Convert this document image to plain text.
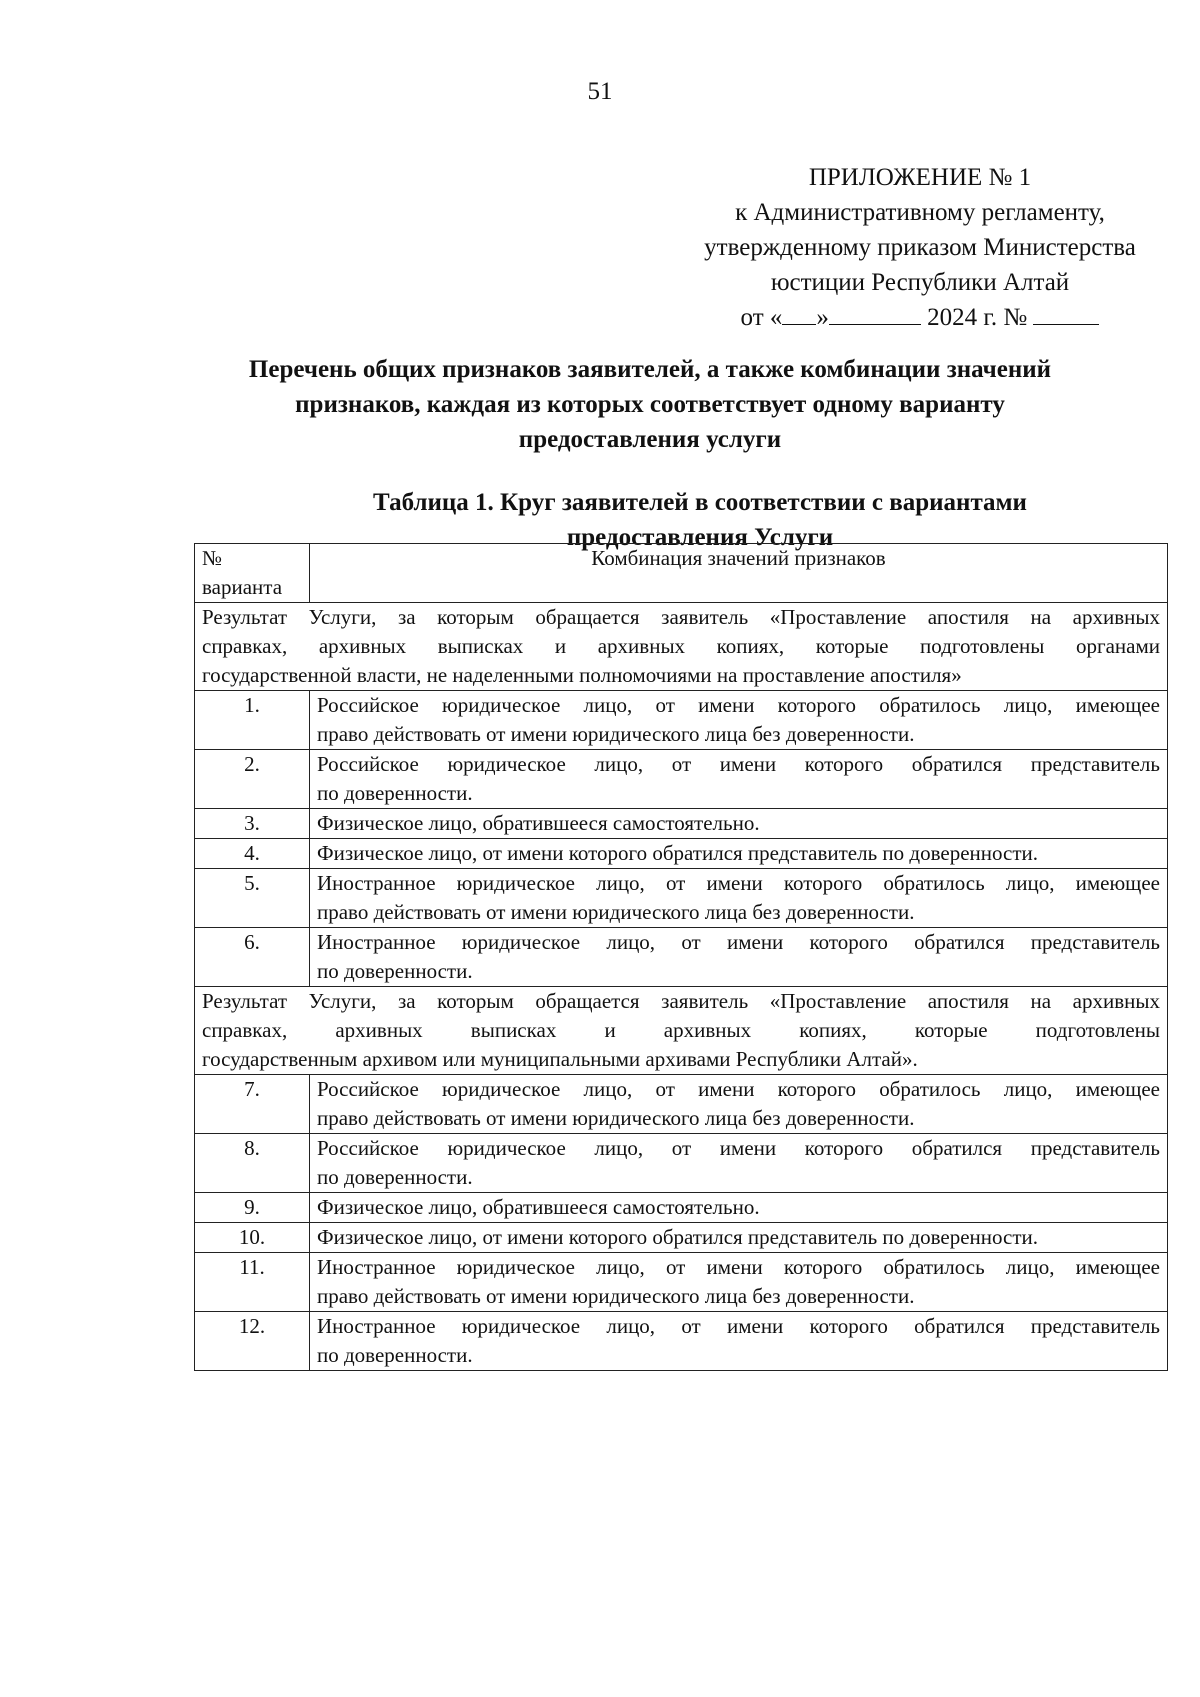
51
ПРИЛОЖЕНИЕ № 1
к Административному регламенту,
утвержденному приказом Министерства
юстиции Республики Алтай
от « »	2024 г. №
Перечень общих признаков заявителей, а также комбинации значений
признаков, каждая из которых соответствует одному варианту
предоставления услуги
Таблица 1. Круг заявителей в соответствии с вариантами
предоставления Услуги
№
варианта	Комбинация значений признаков

Результат Услуги, за которым обращается заявитель «Проставление апостиля на архивных
справках, архивных выписках и архивных копиях, которые подготовлены органами
государственной власти, не наделенными полномочиями на проставление апостиля»	

1.	Российское юридическое лицо, от имени которого обратилось лицо, имеющее
право действовать от имени юридического лица без доверенности.

2.	Российское юридическое лицо, от имени которого обратился представитель
по доверенности.

3.	Физическое лицо, обратившееся самостоятельно.

4.	Физическое лицо, от имени которого обратился представитель по доверенности.

5.	Иностранное юридическое лицо, от имени которого обратилось лицо, имеющее
право действовать от имени юридического лица без доверенности.

6.	Иностранное юридическое лицо, от имени которого обратился представитель
по доверенности.

Результат Услуги, за которым обращается заявитель «Проставление апостиля на архивных
справках, архивных выписках и архивных копиях, которые подготовлены
государственным архивом или муниципальными архивами Республики Алтай».	

7.	Российское юридическое лицо, от имени которого обратилось лицо, имеющее
право действовать от имени юридического лица без доверенности.

8.	Российское юридическое лицо, от имени которого обратился представитель
по доверенности.

9.	Физическое лицо, обратившееся самостоятельно.

10.	Физическое лицо, от имени которого обратился представитель по доверенности.

11.	Иностранное юридическое лицо, от имени которого обратилось лицо, имеющее
право действовать от имени юридического лица без доверенности.

12.	Иностранное юридическое лицо, от имени которого обратился представитель
по доверенности.
